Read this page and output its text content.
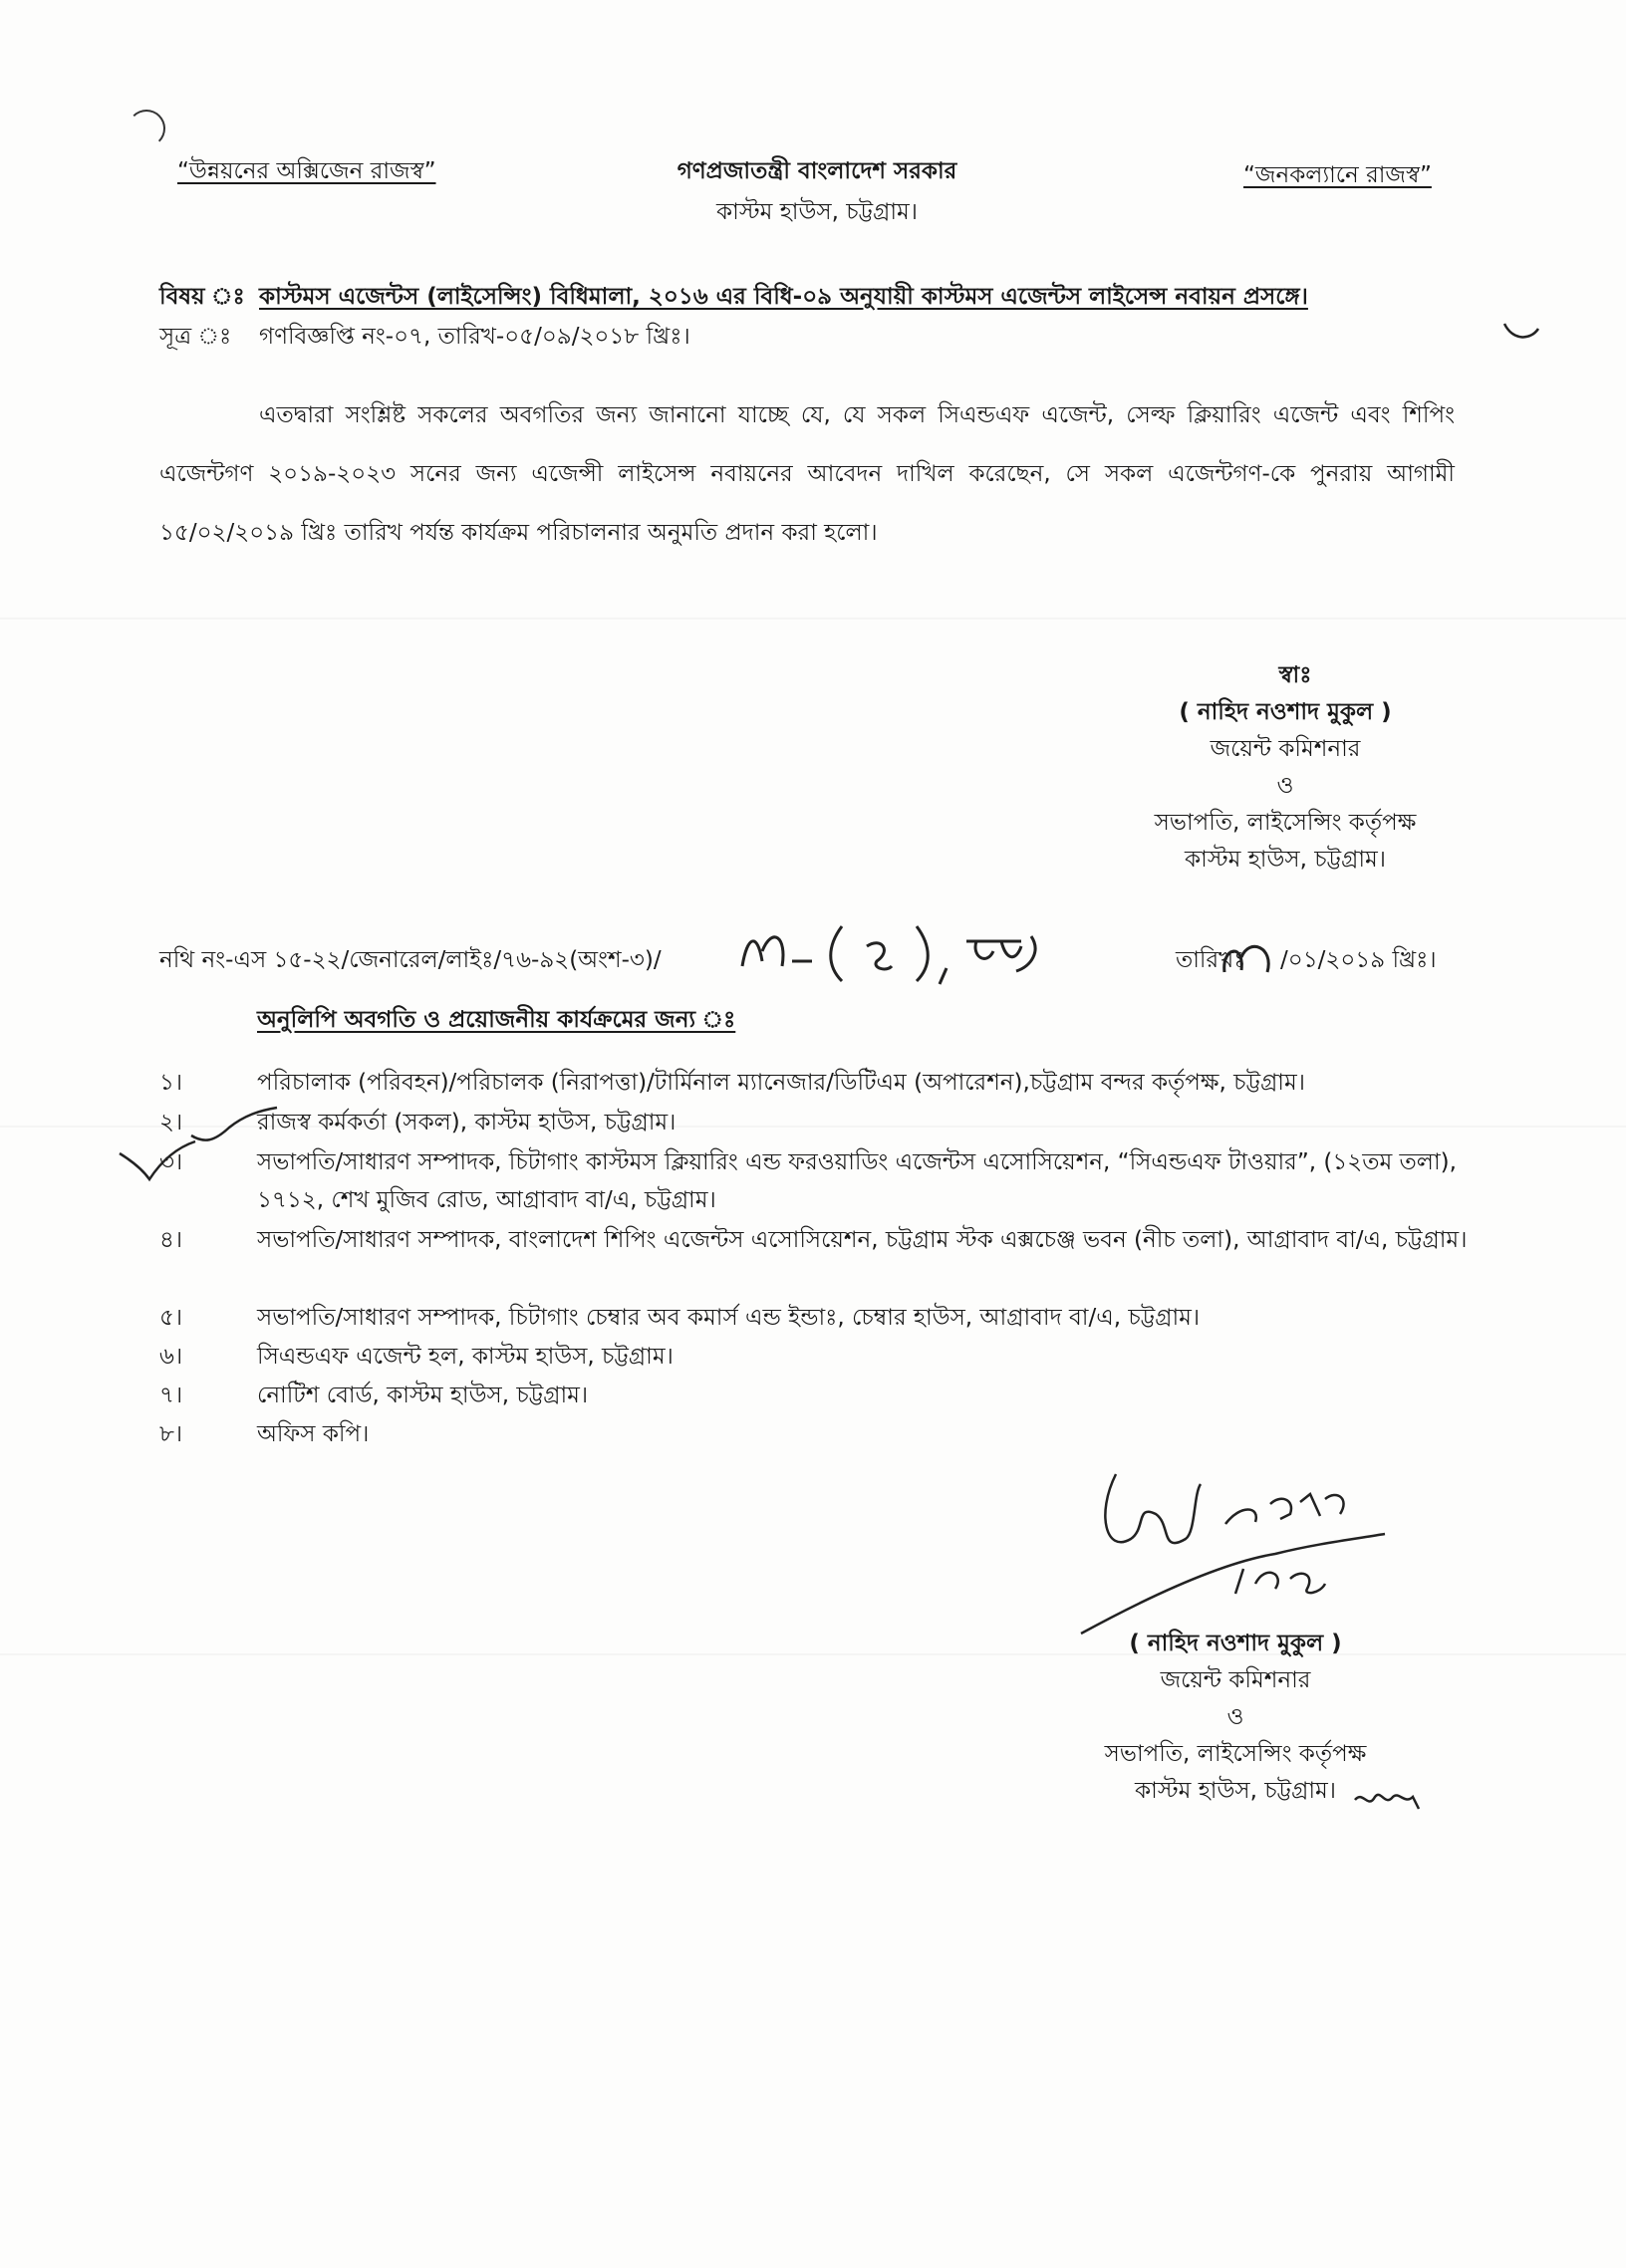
“উন্নয়নের অক্সিজেন রাজস্ব”	“জনকল্যানে রাজস্ব”
গণপ্রজাতন্ত্রী বাংলাদেশ সরকার
কাস্টম হাউস, চট্টগ্রাম।
বিষয় ঃ কাস্টমস এজেন্টস (লাইসেন্সিং) বিধিমালা, ২০১৬ এর বিধি-০৯ অনুযায়ী কাস্টমস এজেন্টস লাইসেন্স নবায়ন প্রসঙ্গে।
সূত্র ঃ গণবিজ্ঞপ্তি নং-০৭, তারিখ-০৫/০৯/২০১৮ খ্রিঃ।
এতদ্বারা সংশ্লিষ্ট সকলের অবগতির জন্য জানানো যাচ্ছে যে, যে সকল সিএন্ডএফ এজেন্ট, সেল্ফ ক্লিয়ারিং এজেন্ট এবং শিপিং এজেন্টগণ ২০১৯-২০২৩ সনের জন্য এজেন্সী লাইসেন্স নবায়নের আবেদন দাখিল করেছেন, সে সকল এজেন্টগণ-কে পুনরায় আগামী ১৫/০২/২০১৯ খ্রিঃ তারিখ পর্যন্ত কার্যক্রম পরিচালনার অনুমতি প্রদান করা হলো।
স্বাঃ
( নাহিদ নওশাদ মুকুল )
জয়েন্ট কমিশনার
ও
সভাপতি, লাইসেন্সিং কর্তৃপক্ষ
কাস্টম হাউস, চট্টগ্রাম।
নথি নং-এস ১৫-২২/জেনারেল/লাইঃ/৭৬-৯২(অংশ-৩)/	তারিখঃ /০১/২০১৯ খ্রিঃ।
অনুলিপি অবগতি ও প্রয়োজনীয় কার্যক্রমের জন্য ঃ
১।	পরিচালাক (পরিবহন)/পরিচালক (নিরাপত্তা)/টার্মিনাল ম্যানেজার/ডিটিএম (অপারেশন),চট্টগ্রাম বন্দর কর্তৃপক্ষ, চট্টগ্রাম।
২।	রাজস্ব কর্মকর্তা (সকল), কাস্টম হাউস, চট্টগ্রাম।
৩।	সভাপতি/সাধারণ সম্পাদক, চিটাগাং কাস্টমস ক্লিয়ারিং এন্ড ফরওয়াডিং এজেন্টস এসোসিয়েশন, “সিএন্ডএফ টাওয়ার”, (১২তম তলা), ১৭১২, শেখ মুজিব রোড, আগ্রাবাদ বা/এ, চট্টগ্রাম।
৪।	সভাপতি/সাধারণ সম্পাদক, বাংলাদেশ শিপিং এজেন্টস এসোসিয়েশন, চট্টগ্রাম স্টক এক্সচেঞ্জ ভবন (নীচ তলা), আগ্রাবাদ বা/এ, চট্টগ্রাম।
৫।	সভাপতি/সাধারণ সম্পাদক, চিটাগাং চেম্বার অব কমার্স এন্ড ইন্ডাঃ, চেম্বার হাউস, আগ্রাবাদ বা/এ, চট্টগ্রাম।
৬।	সিএন্ডএফ এজেন্ট হল, কাস্টম হাউস, চট্টগ্রাম।
৭।	নোটিশ বোর্ড, কাস্টম হাউস, চট্টগ্রাম।
৮।	অফিস কপি।
( নাহিদ নওশাদ মুকুল )
জয়েন্ট কমিশনার
ও
সভাপতি, লাইসেন্সিং কর্তৃপক্ষ
কাস্টম হাউস, চট্টগ্রাম।
